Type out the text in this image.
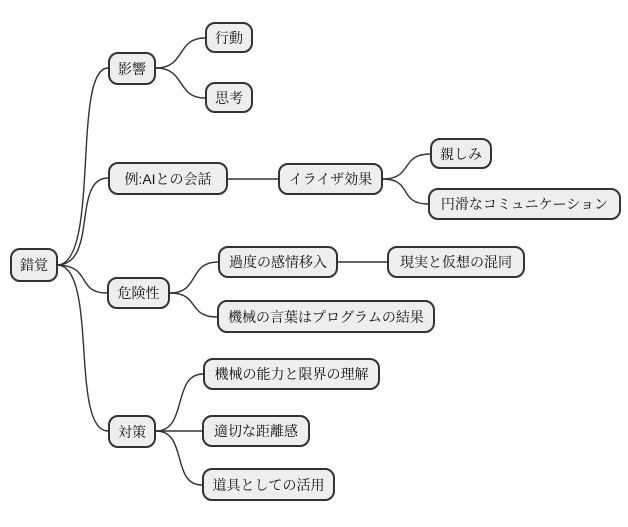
錯覚
影響
行動
思考
例:AIとの会話	イライザ効果
親しみ
円滑なコミュニケーション
危険性
過度の感情移入	現実と仮想の混同
機械の言葉はプログラムの結果
対策
機械の能力と限界の理解
適切な距離感
道具としての活用
